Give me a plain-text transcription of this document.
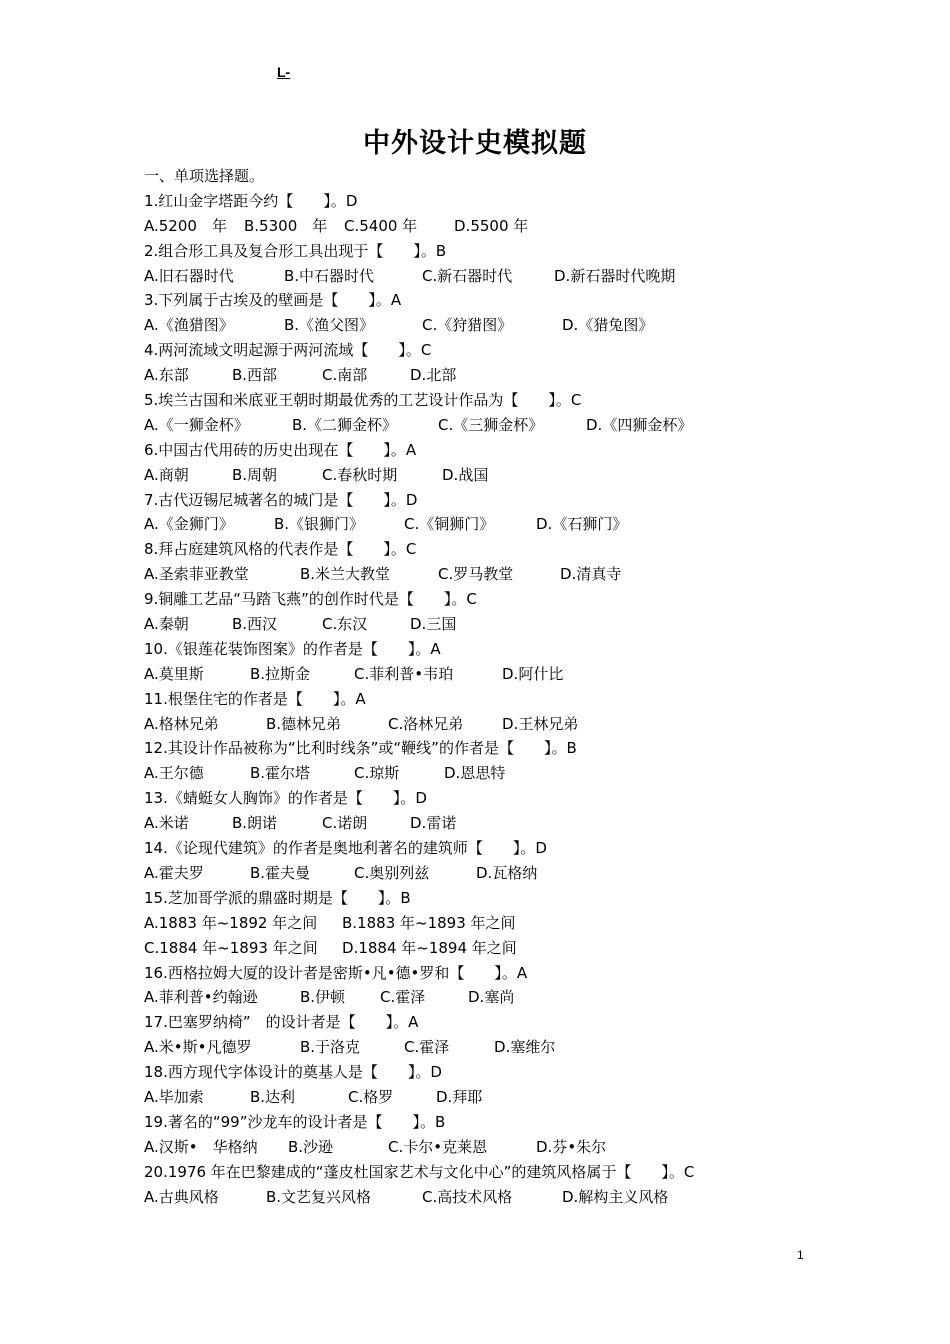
L-
中外设计史模拟题
一、单项选择题。
1.红山金字塔距今约【　　】。D
A.5200　年 B.5300　年 C.5400 年 D.5500 年
2.组合形工具及复合形工具出现于【　　】。B
A.旧石器时代	B.中石器时代	C.新石器时代	D.新石器时代晚期
3.下列属于古埃及的壁画是【　　】。A
A.《渔猎图》	B.《渔父图》	C.《狩猎图》	D.《猎兔图》
4.两河流域文明起源于两河流域【　　】。C
A.东部	B.西部	C.南部	D.北部
5.埃兰古国和米底亚王朝时期最优秀的工艺设计作品为【　　】。C
A.《一狮金杯》	B.《二狮金杯》	C.《三狮金杯》	D.《四狮金杯》
6.中国古代用砖的历史出现在【　　】。A
A.商朝	B.周朝	C.春秋时期	D.战国
7.古代迈锡尼城著名的城门是【　　】。D
A.《金狮门》	B.《银狮门》	C.《铜狮门》	D.《石狮门》
8.拜占庭建筑风格的代表作是【　　】。C
A.圣索菲亚教堂	B.米兰大教堂	C.罗马教堂	D.清真寺
9.铜雕工艺品“马踏飞燕”的创作时代是【　　】。C
A.秦朝	B.西汉	C.东汉	D.三国
10.《银莲花装饰图案》的作者是【　　】。A
A.莫里斯	B.拉斯金	C.菲利普•韦珀	D.阿什比
11.根堡住宅的作者是【　　】。A
A.格林兄弟	B.德林兄弟	C.洛林兄弟	D.王林兄弟
12.其设计作品被称为“比利时线条”或“鞭线”的作者是【　　】。B
A.王尔德	B.霍尔塔	C.琼斯	D.恩思特
13.《蜻蜓女人胸饰》的作者是【　　】。D
A.米诺	B.朗诺	C.诺朗	D.雷诺
14.《论现代建筑》的作者是奥地利著名的建筑师【　　】。D
A.霍夫罗	B.霍夫曼	C.奥别列兹	D.瓦格纳
15.芝加哥学派的鼎盛时期是【　　】。B
A.1883 年~1892 年之间 B.1883 年~1893 年之间
C.1884 年~1893 年之间 D.1884 年~1894 年之间
16.西格拉姆大厦的设计者是密斯•凡•德•罗和【　　】。A
A.菲利普•约翰逊	B.伊顿 C.霍泽	D.塞尚
17.巴塞罗纳椅”　的设计者是【　　】。A
A.米•斯•凡德罗	B.于洛克	C.霍泽	D.塞维尔
18.西方现代字体设计的奠基人是【　　】。D
A.毕加索	B.达利	C.格罗	D.拜耶
19.著名的“99”沙龙车的设计者是【　　】。B
A.汉斯•　华格纳 B.沙逊	C.卡尔•克莱恩	D.芬•朱尔
20.1976 年在巴黎建成的“蓬皮杜国家艺术与文化中心”的建筑风格属于【　　】。C
A.古典风格	B.文艺复兴风格	C.高技术风格	D.解构主义风格
1
